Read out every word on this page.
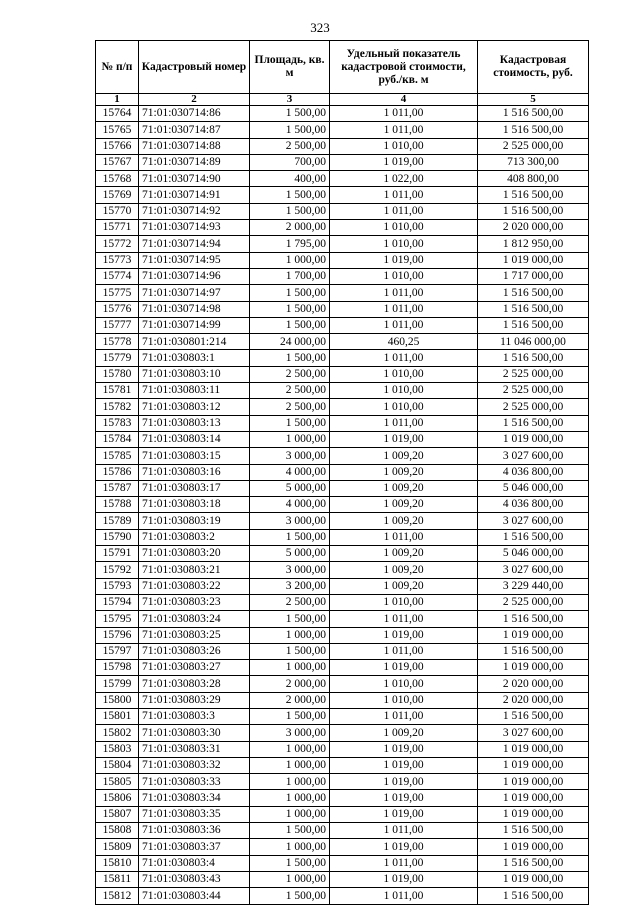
323
№ п/п	Кадастровый номер	Площадь, кв. м	Удельный показатель кадастровой стоимости, руб./кв. м	Кадастровая стоимость, руб.
1	2	3	4	5
15764	71:01:030714:86	1 500,00	1 011,00	1 516 500,00
15765	71:01:030714:87	1 500,00	1 011,00	1 516 500,00
15766	71:01:030714:88	2 500,00	1 010,00	2 525 000,00
15767	71:01:030714:89	700,00	1 019,00	713 300,00
15768	71:01:030714:90	400,00	1 022,00	408 800,00
15769	71:01:030714:91	1 500,00	1 011,00	1 516 500,00
15770	71:01:030714:92	1 500,00	1 011,00	1 516 500,00
15771	71:01:030714:93	2 000,00	1 010,00	2 020 000,00
15772	71:01:030714:94	1 795,00	1 010,00	1 812 950,00
15773	71:01:030714:95	1 000,00	1 019,00	1 019 000,00
15774	71:01:030714:96	1 700,00	1 010,00	1 717 000,00
15775	71:01:030714:97	1 500,00	1 011,00	1 516 500,00
15776	71:01:030714:98	1 500,00	1 011,00	1 516 500,00
15777	71:01:030714:99	1 500,00	1 011,00	1 516 500,00
15778	71:01:030801:214	24 000,00	460,25	11 046 000,00
15779	71:01:030803:1	1 500,00	1 011,00	1 516 500,00
15780	71:01:030803:10	2 500,00	1 010,00	2 525 000,00
15781	71:01:030803:11	2 500,00	1 010,00	2 525 000,00
15782	71:01:030803:12	2 500,00	1 010,00	2 525 000,00
15783	71:01:030803:13	1 500,00	1 011,00	1 516 500,00
15784	71:01:030803:14	1 000,00	1 019,00	1 019 000,00
15785	71:01:030803:15	3 000,00	1 009,20	3 027 600,00
15786	71:01:030803:16	4 000,00	1 009,20	4 036 800,00
15787	71:01:030803:17	5 000,00	1 009,20	5 046 000,00
15788	71:01:030803:18	4 000,00	1 009,20	4 036 800,00
15789	71:01:030803:19	3 000,00	1 009,20	3 027 600,00
15790	71:01:030803:2	1 500,00	1 011,00	1 516 500,00
15791	71:01:030803:20	5 000,00	1 009,20	5 046 000,00
15792	71:01:030803:21	3 000,00	1 009,20	3 027 600,00
15793	71:01:030803:22	3 200,00	1 009,20	3 229 440,00
15794	71:01:030803:23	2 500,00	1 010,00	2 525 000,00
15795	71:01:030803:24	1 500,00	1 011,00	1 516 500,00
15796	71:01:030803:25	1 000,00	1 019,00	1 019 000,00
15797	71:01:030803:26	1 500,00	1 011,00	1 516 500,00
15798	71:01:030803:27	1 000,00	1 019,00	1 019 000,00
15799	71:01:030803:28	2 000,00	1 010,00	2 020 000,00
15800	71:01:030803:29	2 000,00	1 010,00	2 020 000,00
15801	71:01:030803:3	1 500,00	1 011,00	1 516 500,00
15802	71:01:030803:30	3 000,00	1 009,20	3 027 600,00
15803	71:01:030803:31	1 000,00	1 019,00	1 019 000,00
15804	71:01:030803:32	1 000,00	1 019,00	1 019 000,00
15805	71:01:030803:33	1 000,00	1 019,00	1 019 000,00
15806	71:01:030803:34	1 000,00	1 019,00	1 019 000,00
15807	71:01:030803:35	1 000,00	1 019,00	1 019 000,00
15808	71:01:030803:36	1 500,00	1 011,00	1 516 500,00
15809	71:01:030803:37	1 000,00	1 019,00	1 019 000,00
15810	71:01:030803:4	1 500,00	1 011,00	1 516 500,00
15811	71:01:030803:43	1 000,00	1 019,00	1 019 000,00
15812	71:01:030803:44	1 500,00	1 011,00	1 516 500,00
